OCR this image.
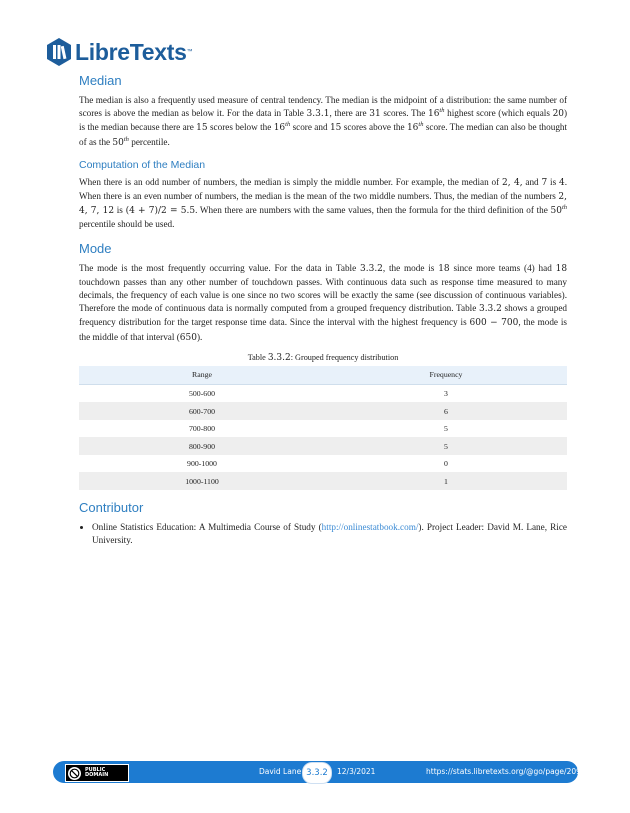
LibreTexts ™
Median

The median is also a frequently used measure of central tendency. The median is the midpoint of a distribution: the same number of scores is above the median as below it. For the data in Table 3.3.1, there are 31 scores. The 16th highest score (which equals 20) is the median because there are 15 scores below the 16th score and 15 scores above the 16th score. The median can also be thought of as the 50th percentile.

Computation of the Median

When there is an odd number of numbers, the median is simply the middle number. For example, the median of 2, 4, and 7 is 4. When there is an even number of numbers, the median is the mean of the two middle numbers. Thus, the median of the numbers 2, 4, 7, 12 is (4 + 7)/2 = 5.5. When there are numbers with the same values, then the formula for the third definition of the 50th percentile should be used.

Mode

The mode is the most frequently occurring value. For the data in Table 3.3.2, the mode is 18 since more teams (4) had 18 touchdown passes than any other number of touchdown passes. With continuous data such as response time measured to many decimals, the frequency of each value is one since no two scores will be exactly the same (see discussion of continuous variables). Therefore the mode of continuous data is normally computed from a grouped frequency distribution. Table 3.3.2 shows a grouped frequency distribution for the target response time data. Since the interval with the highest frequency is 600 − 700, the mode is the middle of that interval (650).

Table 3.3.2: Grouped frequency distribution
Range	Frequency
500-600	3
600-700	6
700-800	5
800-900	5
900-1000	0
1000-1100	1
Contributor
• Online Statistics Education: A Multimedia Course of Study (http://onlinestatbook.com/). Project Leader: David M. Lane, Rice University.
PUBLIC
DOMAIN	David Lane 3.3.2	12/3/2021	https://stats.libretexts.org/@go/page/2091
